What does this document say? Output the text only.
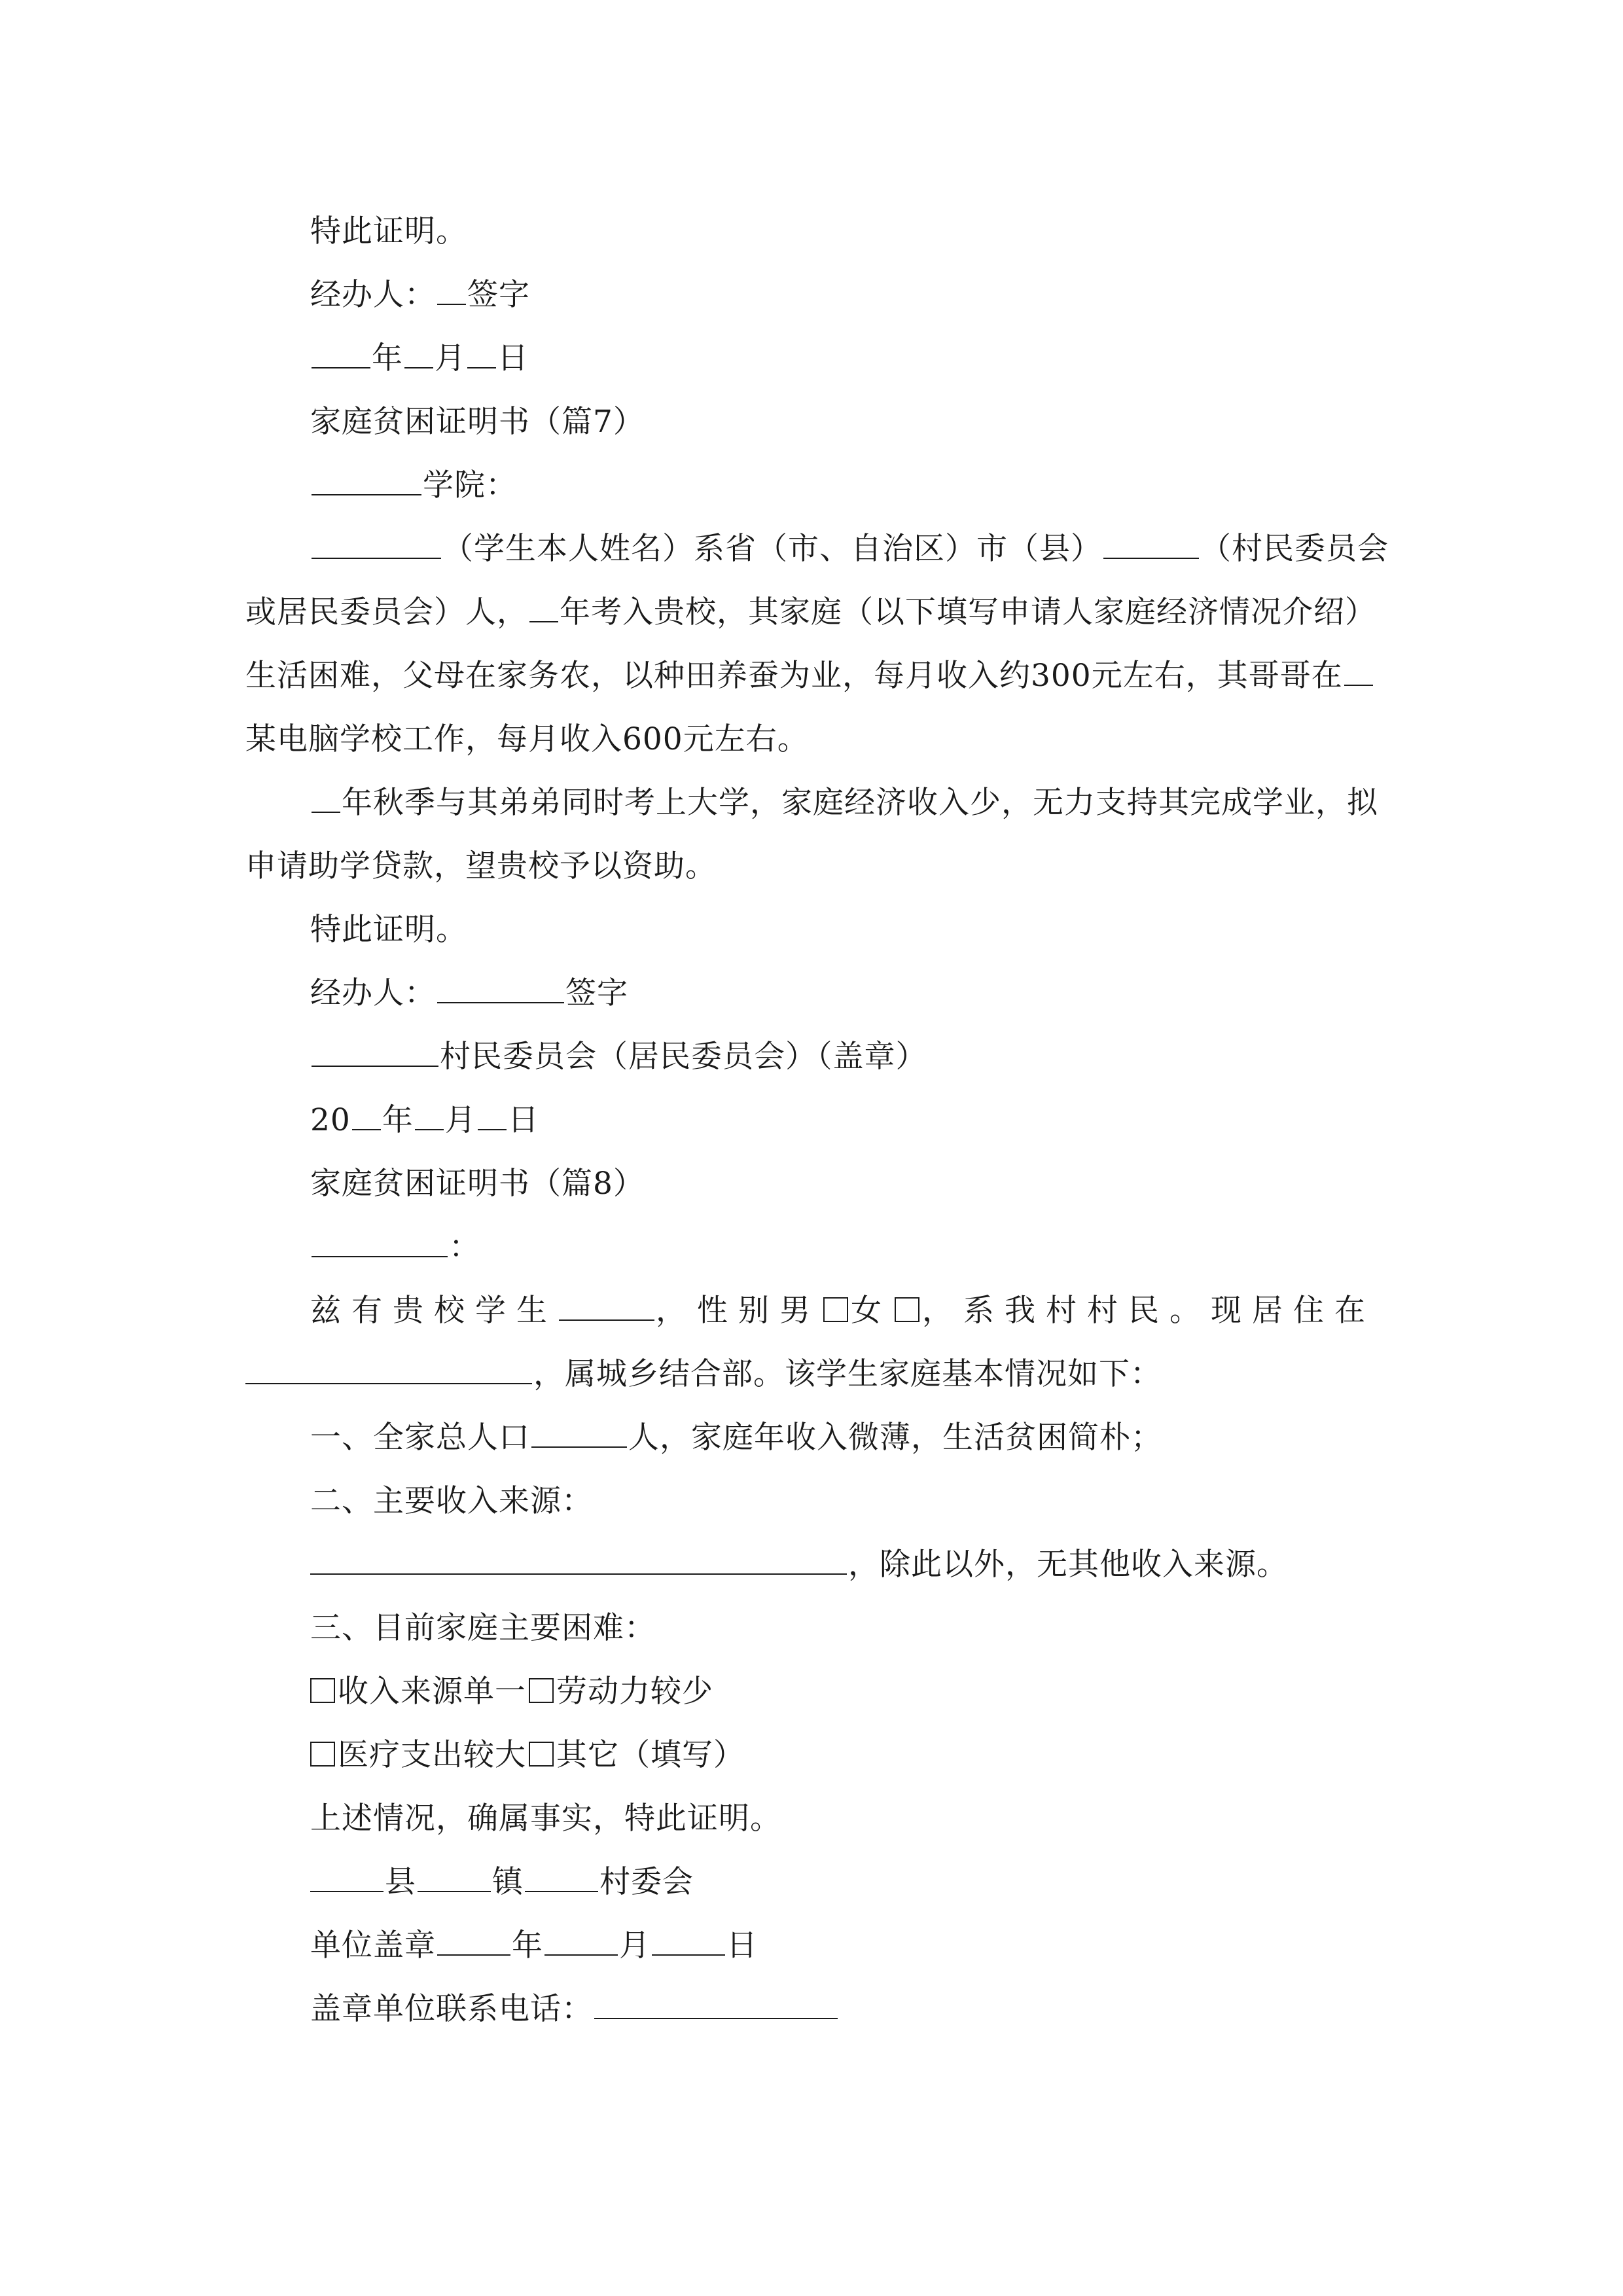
特此证明。

经办人： 签字

年 月 日

家庭贫困证明书（篇7）

学院：

（学生本人姓名）系省（市、自治区）市（县）	（村民委员会或居民委员会）人， 年考入贵校，其家庭（以下填写申请人家庭经济情况介绍）生活困难，父母在家务农，以种田养蚕为业，每月收入约300元左右，其哥哥在某电脑学校工作，每月收入600元左右。

年秋季与其弟弟同时考上大学，家庭经济收入少，无力支持其完成学业，拟申请助学贷款，望贵校予以资助。

特此证明。

经办人：	签字

村民委员会（居民委员会）（盖章）

20 年 月 日

家庭贫困证明书（篇8）

：

兹有贵校学生	，性别男 女 ，系我村村民。现居住在，属城乡结合部。该学生家庭基本情况如下：

一、全家总人口	人，家庭年收入微薄，生活贫困简朴；

二、主要收入来源：

，除此以外，无其他收入来源。

三、目前家庭主要困难：

收入来源单一 劳动力较少

医疗支出较大 其它（填写）

上述情况，确属事实，特此证明。

县 镇 村委会

单位盖章 年 月 日

盖章单位联系电话：
